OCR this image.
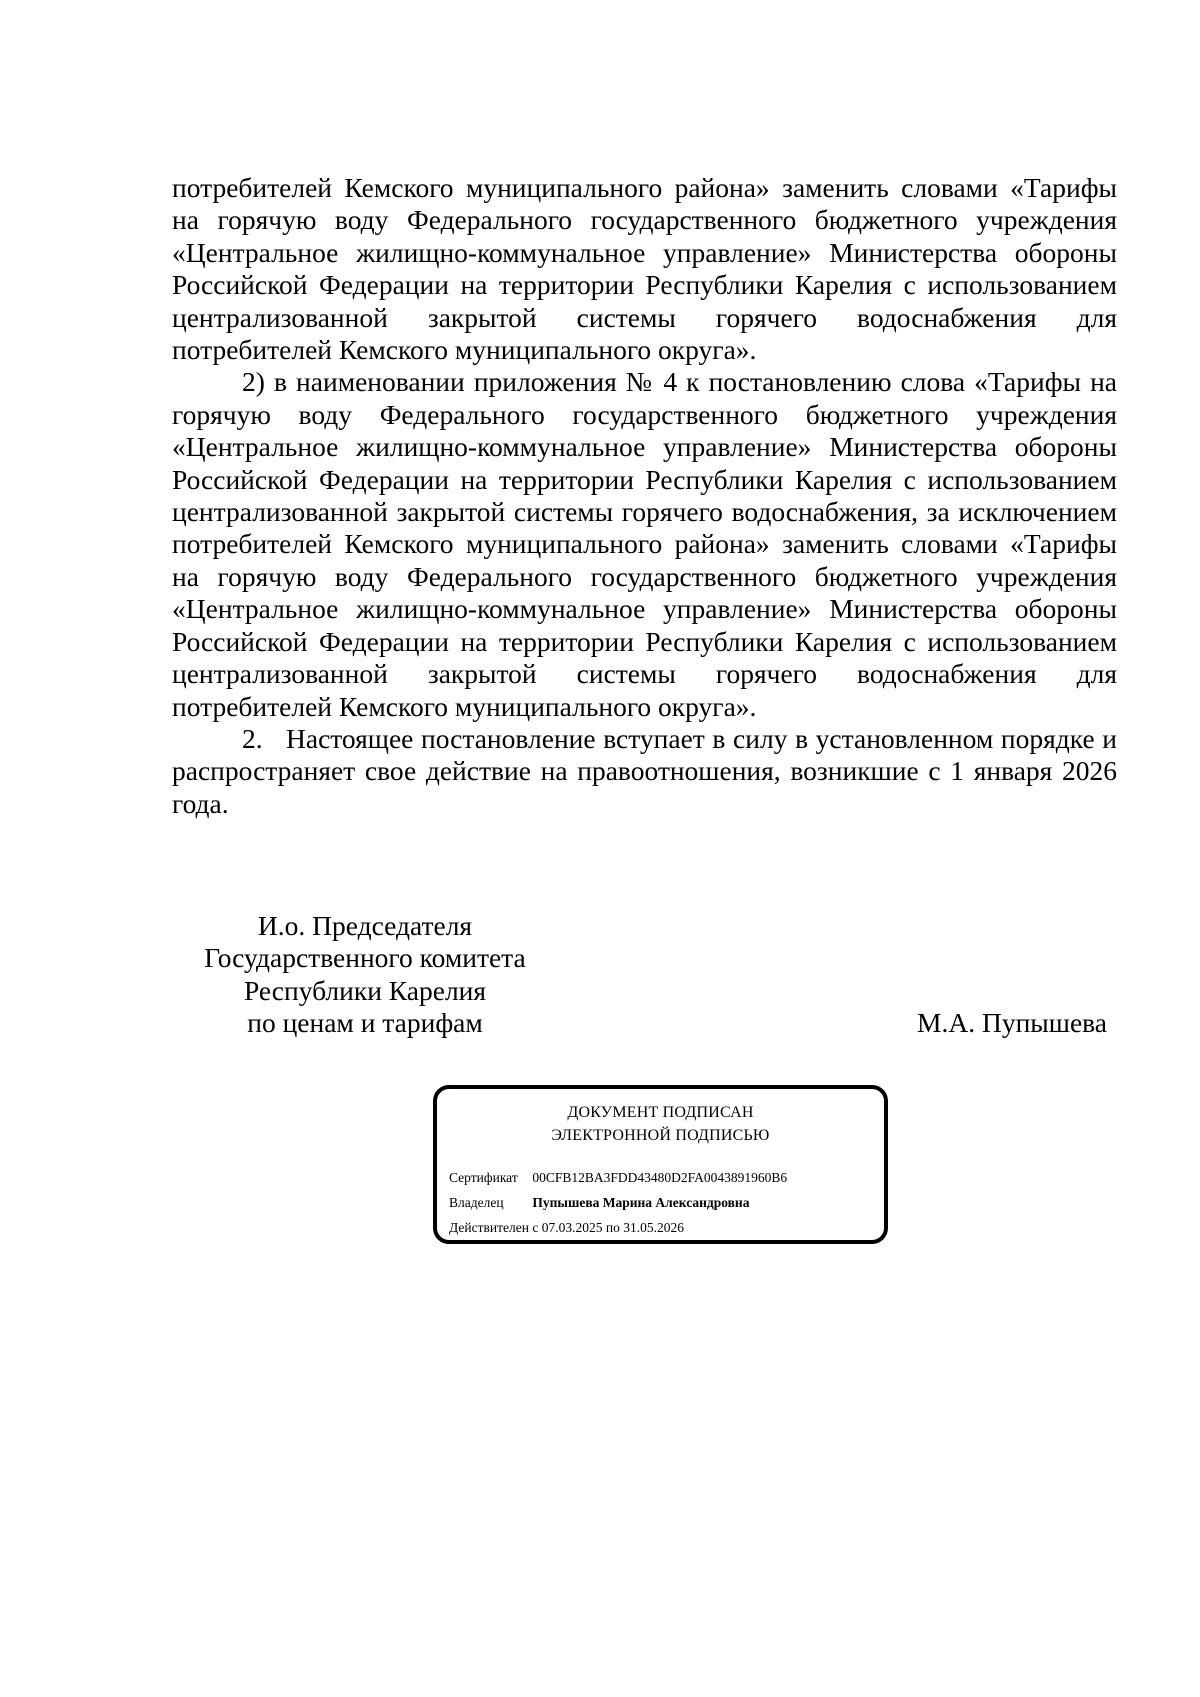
потребителей Кемского муниципального района» заменить словами «Тарифы на горячую воду Федерального государственного бюджетного учреждения «Центральное жилищно-коммунальное управление» Министерства обороны Российской Федерации на территории Республики Карелия с использованием централизованной закрытой системы горячего водоснабжения для потребителей Кемского муниципального округа».

2) в наименовании приложения № 4 к постановлению слова «Тарифы на горячую воду Федерального государственного бюджетного учреждения «Центральное жилищно-коммунальное управление» Министерства обороны Российской Федерации на территории Республики Карелия с использованием централизованной закрытой системы горячего водоснабжения, за исключением потребителей Кемского муниципального района» заменить словами «Тарифы на горячую воду Федерального государственного бюджетного учреждения «Центральное жилищно-коммунальное управление» Министерства обороны Российской Федерации на территории Республики Карелия с использованием централизованной закрытой системы горячего водоснабжения для потребителей Кемского муниципального округа».

2. Настоящее постановление вступает в силу в установленном порядке и распространяет свое действие на правоотношения, возникшие с 1 января 2026 года.

И.о. Председателя
Государственного комитета
Республики Карелия
по ценам и тарифам	М.А. Пупышева
ДОКУМЕНТ ПОДПИСАН
ЭЛЕКТРОННОЙ ПОДПИСЬЮ
Сертификат 00CFB12BA3FDD43480D2FA0043891960B6
Владелец Пупышева Марина Александровна
Действителен с 07.03.2025 по 31.05.2026
